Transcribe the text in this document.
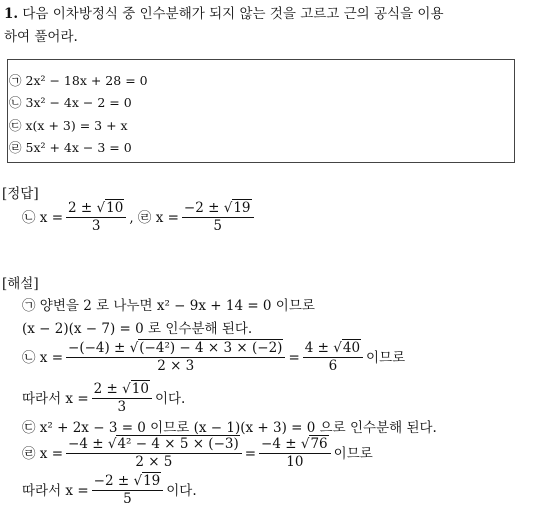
1. 다음 이차방정식 중 인수분해가 되지 않는 것을 고르고 근의 공식을 이용
하여 풀어라.
㉠ 2x² − 18x + 28 = 0
㉡ 3x² − 4x − 2 = 0
㉢ x(x + 3) = 3 + x
㉣ 5x² + 4x − 3 = 0
[정답]
㉡
$x = \frac{2 \pm √10}{3}$ ,
㉣
$x = \frac{-2 \pm √19}{5}$
[해설]
㉠ 양변을 2 로 나누면 x² − 9x + 14 = 0 이므로
(x − 2)(x − 7) = 0 로 인수분해 된다.
㉡
$x = \frac{\text{−(−4) ± √(−4²) − 4 × 3 × (−2)}}{2 \times 3} = \frac{4 \pm √40}{6}$ 이므로
따라서 $x = \frac{2 \pm √10}{3}$ 이다.
㉢ x² + 2x − 3 = 0 이므로 (x − 1)(x + 3) = 0 으로 인수분해 된다.
㉣
$x = \frac{\text{−4 ± √4² − 4 × 5 × (−3)}}{2 \times 5} = \frac{-4 \pm √76}{10}$ 이므로
따라서 $x = \frac{-2 \pm √19}{5}$ 이다.
